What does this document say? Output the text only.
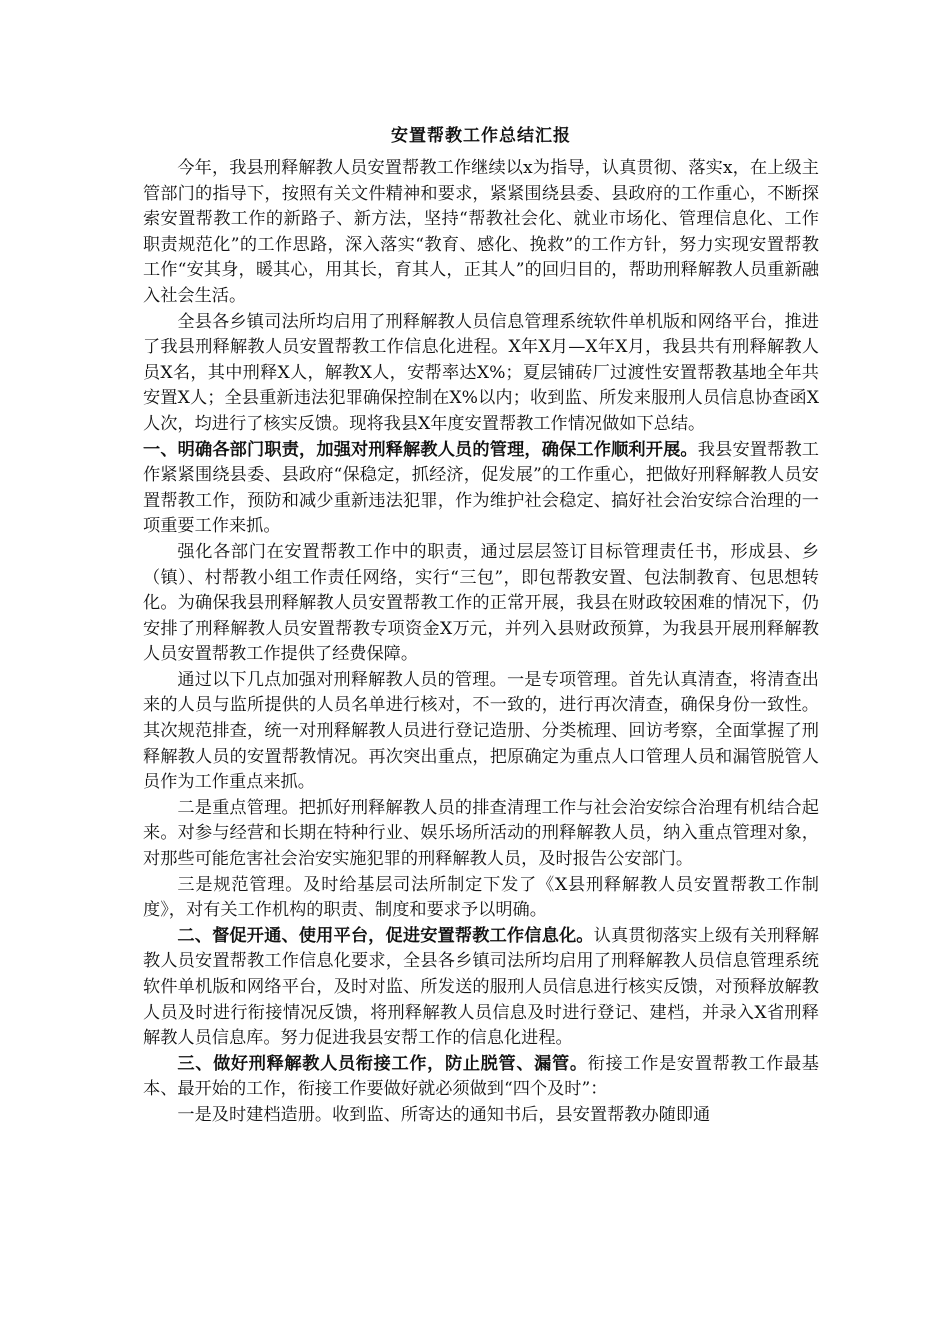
安置帮教工作总结汇报

今年，我县刑释解教人员安置帮教工作继续以x为指导，认真贯彻、落实x，在上级主管部门的指导下，按照有关文件精神和要求，紧紧围绕县委、县政府的工作重心，不断探索安置帮教工作的新路子、新方法，坚持“帮教社会化、就业市场化、管理信息化、工作职责规范化”的工作思路，深入落实“教育、感化、挽救”的工作方针，努力实现安置帮教工作“安其身，暖其心，用其长，育其人，正其人”的回归目的，帮助刑释解教人员重新融入社会生活。

全县各乡镇司法所均启用了刑释解教人员信息管理系统软件单机版和网络平台，推进了我县刑释解教人员安置帮教工作信息化进程。X年X月—X年X月，我县共有刑释解教人员X名，其中刑释X人，解教X人，安帮率达X%；夏层铺砖厂过渡性安置帮教基地全年共安置X人；全县重新违法犯罪确保控制在X%以内；收到监、所发来服刑人员信息协查函X人次，均进行了核实反馈。现将我县X年度安置帮教工作情况做如下总结。

一、明确各部门职责，加强对刑释解教人员的管理，确保工作顺利开展。我县安置帮教工作紧紧围绕县委、县政府“保稳定，抓经济，促发展”的工作重心，把做好刑释解教人员安置帮教工作，预防和减少重新违法犯罪，作为维护社会稳定、搞好社会治安综合治理的一项重要工作来抓。

强化各部门在安置帮教工作中的职责，通过层层签订目标管理责任书，形成县、乡（镇）、村帮教小组工作责任网络，实行“三包”，即包帮教安置、包法制教育、包思想转化。为确保我县刑释解教人员安置帮教工作的正常开展，我县在财政较困难的情况下，仍安排了刑释解教人员安置帮教专项资金X万元，并列入县财政预算，为我县开展刑释解教人员安置帮教工作提供了经费保障。

通过以下几点加强对刑释解教人员的管理。一是专项管理。首先认真清查，将清查出来的人员与监所提供的人员名单进行核对，不一致的，进行再次清查，确保身份一致性。其次规范排查，统一对刑释解教人员进行登记造册、分类梳理、回访考察，全面掌握了刑释解教人员的安置帮教情况。再次突出重点，把原确定为重点人口管理人员和漏管脱管人员作为工作重点来抓。

二是重点管理。把抓好刑释解教人员的排查清理工作与社会治安综合治理有机结合起来。对参与经营和长期在特种行业、娱乐场所活动的刑释解教人员，纳入重点管理对象，对那些可能危害社会治安实施犯罪的刑释解教人员，及时报告公安部门。

三是规范管理。及时给基层司法所制定下发了《X县刑释解教人员安置帮教工作制度》，对有关工作机构的职责、制度和要求予以明确。

二、督促开通、使用平台，促进安置帮教工作信息化。认真贯彻落实上级有关刑释解教人员安置帮教工作信息化要求，全县各乡镇司法所均启用了刑释解教人员信息管理系统软件单机版和网络平台，及时对监、所发送的服刑人员信息进行核实反馈，对预释放解教人员及时进行衔接情况反馈，将刑释解教人员信息及时进行登记、建档，并录入X省刑释解教人员信息库。努力促进我县安帮工作的信息化进程。

三、做好刑释解教人员衔接工作，防止脱管、漏管。衔接工作是安置帮教工作最基本、最开始的工作，衔接工作要做好就必须做到“四个及时”：

一是及时建档造册。收到监、所寄达的通知书后，县安置帮教办随即通
